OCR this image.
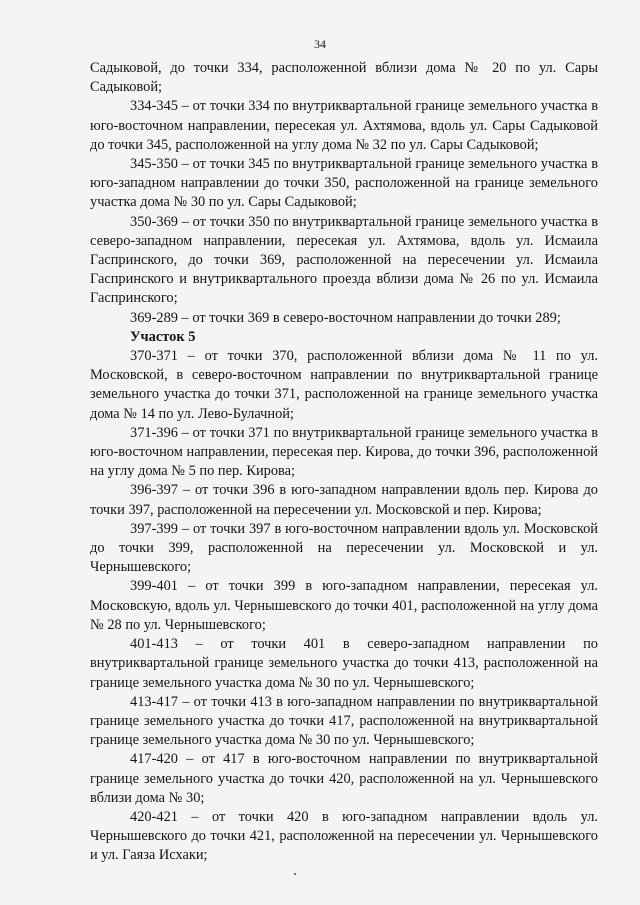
34

Садыковой, до точки 334, расположенной вблизи дома № 20 по ул. Сары Садыковой;

334-345 – от точки 334 по внутриквартальной границе земельного участка в юго-восточном направлении, пересекая ул. Ахтямова, вдоль ул. Сары Садыковой до точки 345, расположенной на углу дома № 32 по ул. Сары Садыковой;

345-350 – от точки 345 по внутриквартальной границе земельного участка в юго-западном направлении до точки 350, расположенной на границе земельного участка дома № 30 по ул. Сары Садыковой;

350-369 – от точки 350 по внутриквартальной границе земельного участка в северо-западном направлении, пересекая ул. Ахтямова, вдоль ул. Исмаила Гаспринского, до точки 369, расположенной на пересечении ул. Исмаила Гаспринского и внутриквартального проезда вблизи дома № 26 по ул. Исмаила Гаспринского;

369-289 – от точки 369 в северо-восточном направлении до точки 289;

Участок 5

370-371 – от точки 370, расположенной вблизи дома № 11 по ул. Московской, в северо-восточном направлении по внутриквартальной границе земельного участка до точки 371, расположенной на границе земельного участка дома № 14 по ул. Лево-Булачной;

371-396 – от точки 371 по внутриквартальной границе земельного участка в юго-восточном направлении, пересекая пер. Кирова, до точки 396, расположенной на углу дома № 5 по пер. Кирова;

396-397 – от точки 396 в юго-западном направлении вдоль пер. Кирова до точки 397, расположенной на пересечении ул. Московской и пер. Кирова;

397-399 – от точки 397 в юго-восточном направлении вдоль ул. Московской до точки 399, расположенной на пересечении ул. Московской и ул. Чернышевского;

399-401 – от точки 399 в юго-западном направлении, пересекая ул. Московскую, вдоль ул. Чернышевского до точки 401, расположенной на углу дома № 28 по ул. Чернышевского;

401-413 – от точки 401 в северо-западном направлении по внутриквартальной границе земельного участка до точки 413, расположенной на границе земельного участка дома № 30 по ул. Чернышевского;

413-417 – от точки 413 в юго-западном направлении по внутриквартальной границе земельного участка до точки 417, расположенной на внутриквартальной границе земельного участка дома № 30 по ул. Чернышевского;

417-420 – от 417 в юго-восточном направлении по внутриквартальной границе земельного участка до точки 420, расположенной на ул. Чернышевского вблизи дома № 30;

420-421 – от точки 420 в юго-западном направлении вдоль ул. Чернышевского до точки 421, расположенной на пересечении ул. Чернышевского и ул. Гаяза Исхаки;
